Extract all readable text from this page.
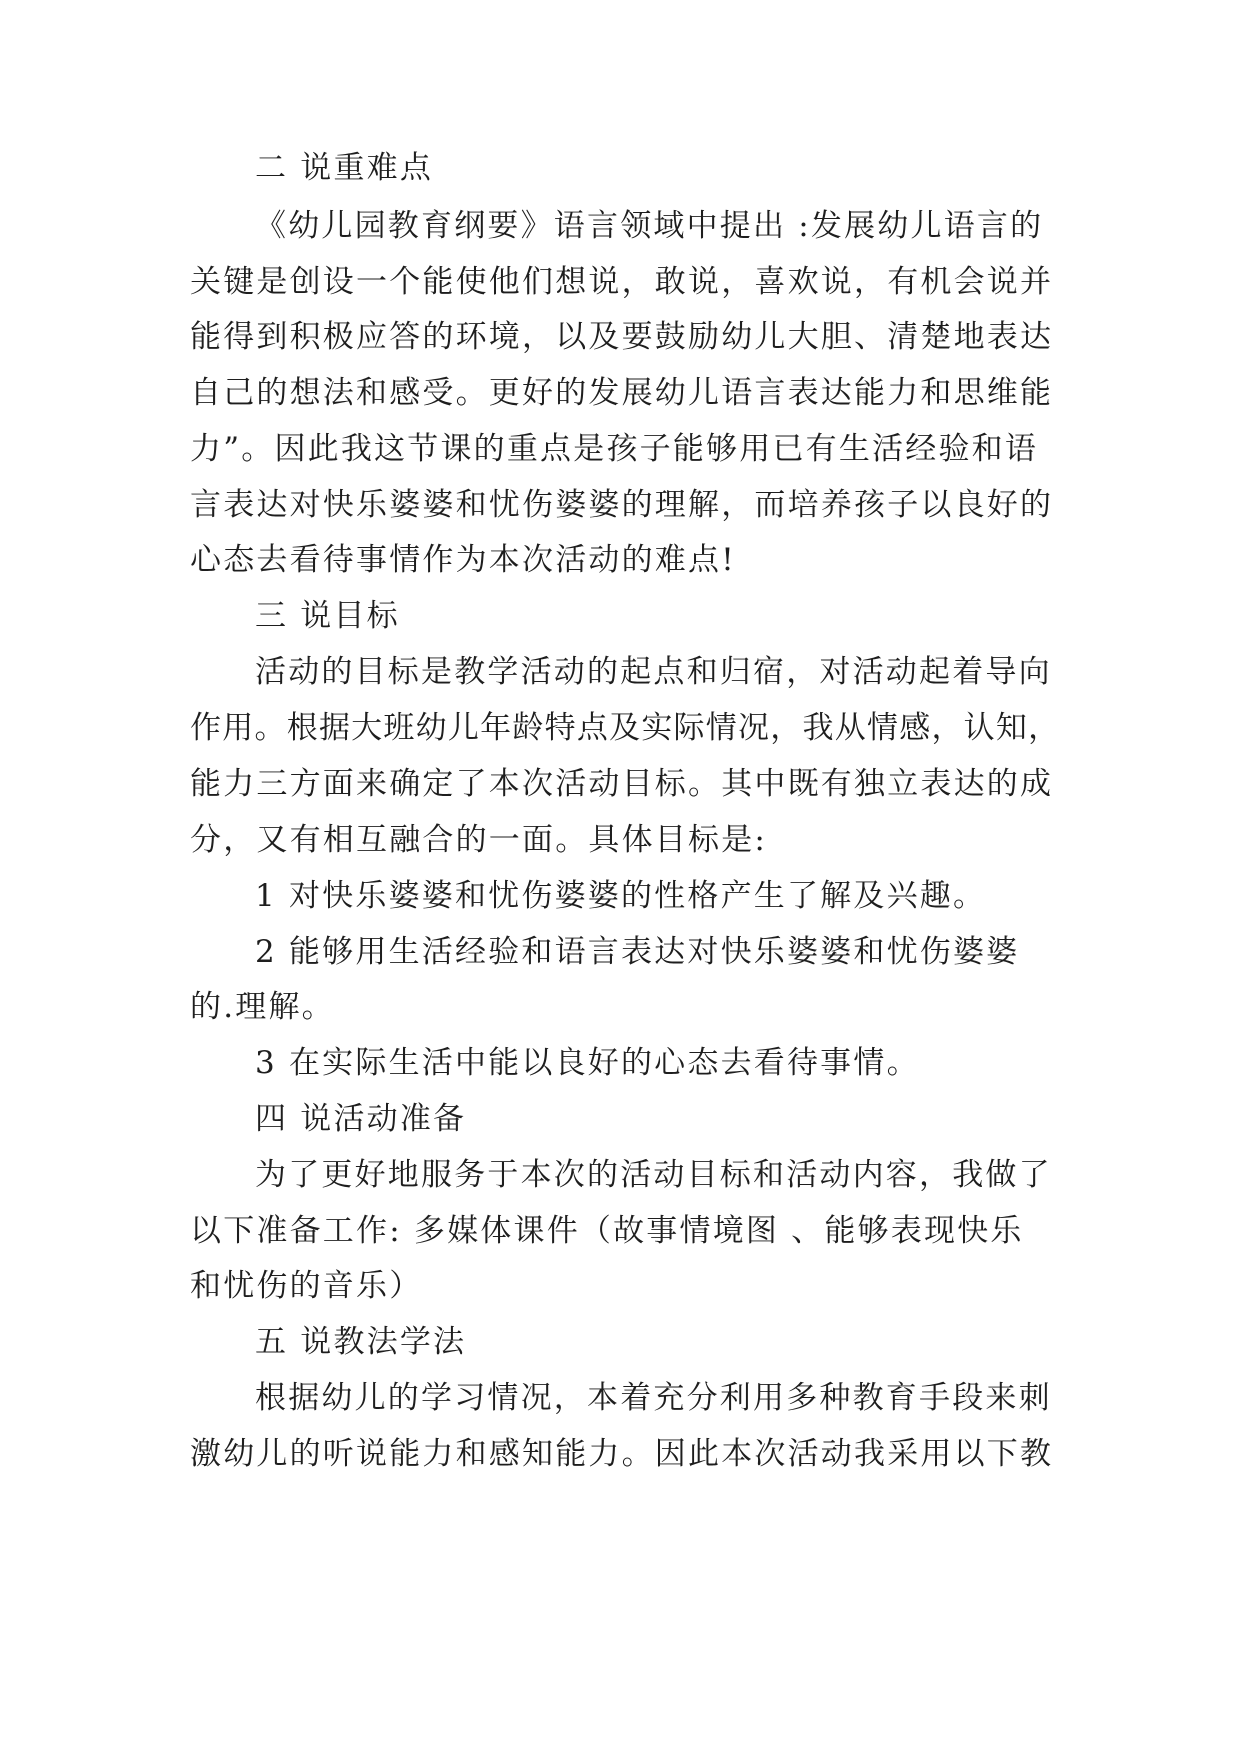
二 说重难点
《幼儿园教育纲要》语言领域中提出 :发展幼儿语言的
关键是创设一个能使他们想说，敢说，喜欢说，有机会说并
能得到积极应答的环境，以及要鼓励幼儿大胆、清楚地表达
自己的想法和感受。更好的发展幼儿语言表达能力和思维能
力”。因此我这节课的重点是孩子能够用已有生活经验和语
言表达对快乐婆婆和忧伤婆婆的理解，而培养孩子以良好的
心态去看待事情作为本次活动的难点!
三 说目标
活动的目标是教学活动的起点和归宿，对活动起着导向
作用。根据大班幼儿年龄特点及实际情况，我从情感，认知，
能力三方面来确定了本次活动目标。其中既有独立表达的成
分，又有相互融合的一面。具体目标是:
1 对快乐婆婆和忧伤婆婆的性格产生了解及兴趣。
2 能够用生活经验和语言表达对快乐婆婆和忧伤婆婆
的.理解。
3 在实际生活中能以良好的心态去看待事情。
四 说活动准备
为了更好地服务于本次的活动目标和活动内容，我做了
以下准备工作: 多媒体课件（故事情境图 、能够表现快乐
和忧伤的音乐）
五 说教法学法
根据幼儿的学习情况，本着充分利用多种教育手段来刺
激幼儿的听说能力和感知能力。因此本次活动我采用以下教
